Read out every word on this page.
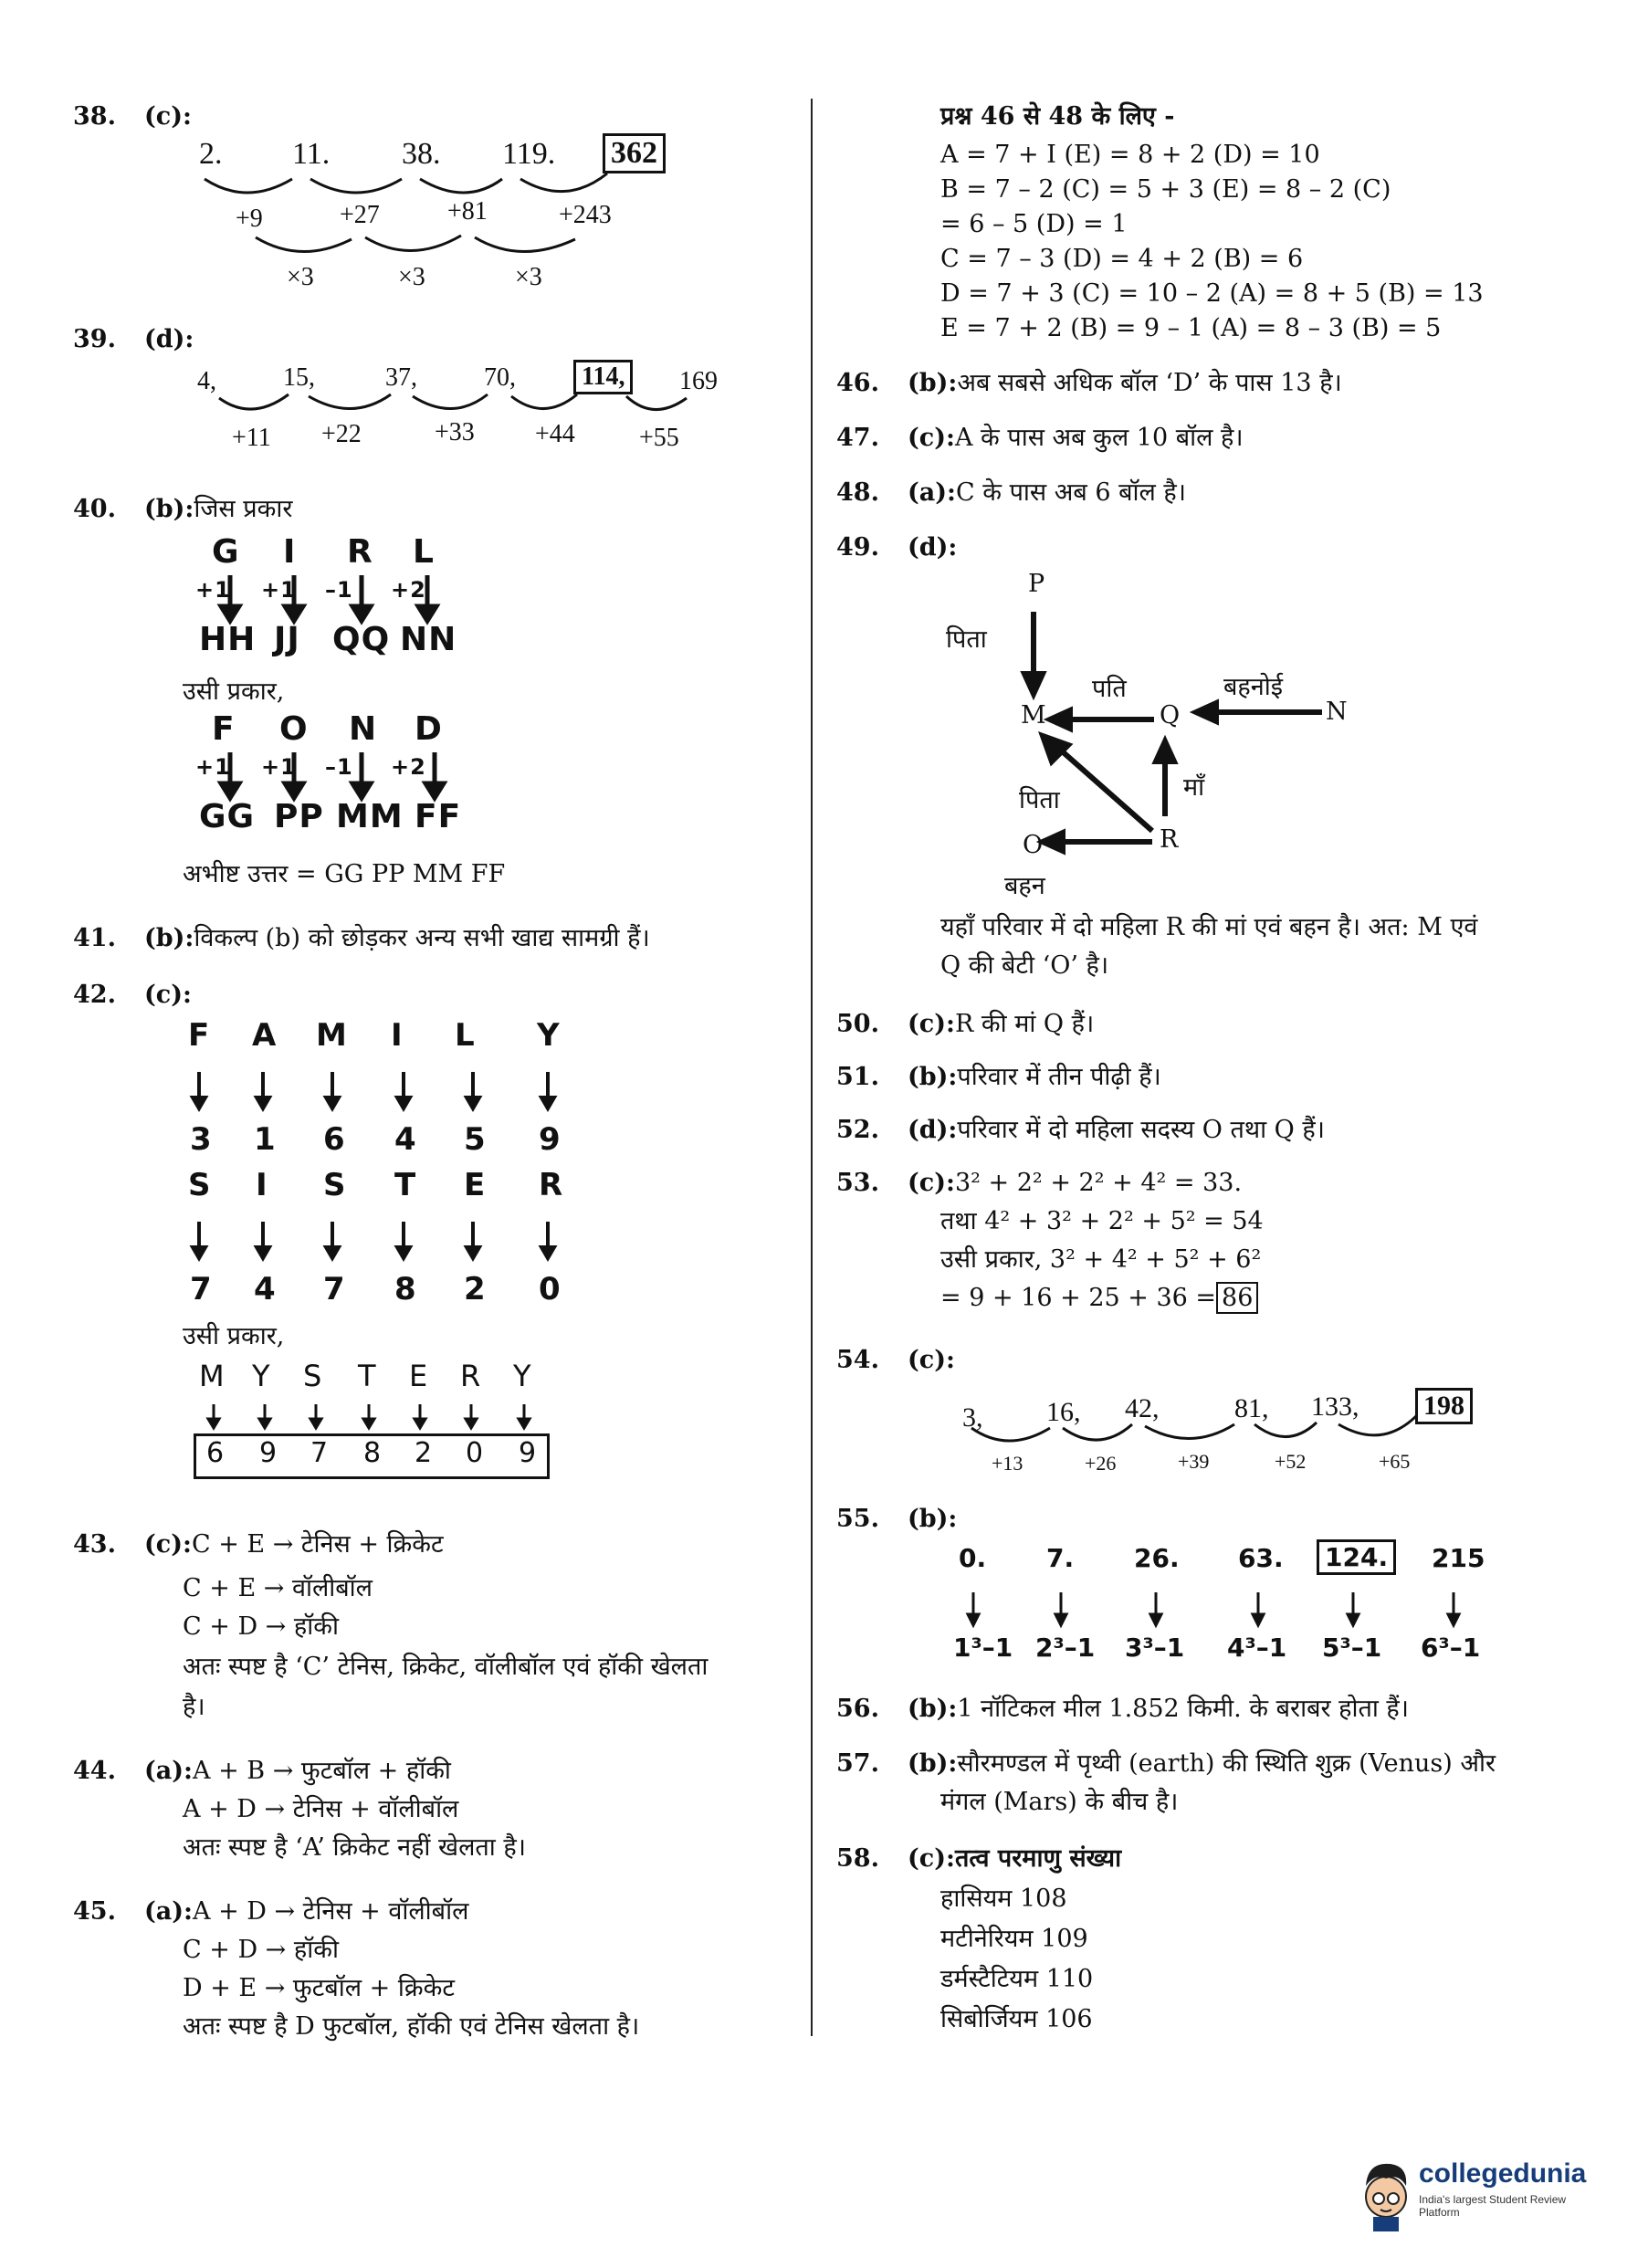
38. (c):
2. 11. 38. 119. 362
+9	+27	+81	+243
×3	×3	×3
39. (d):
4,	15,	37,	70,	114,	169
+11 +22	+33 +44	+55
40. (b):जिस प्रकार
G I R L
+1 +1 –1 +2
HH JJ QQ NN
उसी प्रकार,
F O N D
+1 +1 –1 +2
GG PP MM FF
अभीष्ट उत्तर = GG PP MM FF
41. (b):विकल्प (b) को छोड़कर अन्य सभी खाद्य सामग्री हैं।
42. (c):
F A M I L Y
3 1 6 4 5 9
S I S T E R
7 4 7 8 2 0
उसी प्रकार,
M Y S T E R Y
6 9 7 8 2 0 9
43. (c):C + E → टेनिस + क्रिकेट
C + E → वॉलीबॉल
C + D → हॉकी
अतः स्पष्ट है ‘C’ टेनिस, क्रिकेट, वॉलीबॉल एवं हॉकी खेलता
है।
44. (a):A + B → फुटबॉल + हॉकी
A + D → टेनिस + वॉलीबॉल
अतः स्पष्ट है ‘A’ क्रिकेट नहीं खेलता है।
45. (a):A + D → टेनिस + वॉलीबॉल
C + D → हॉकी
D + E → फुटबॉल + क्रिकेट
अतः स्पष्ट है D फुटबॉल, हॉकी एवं टेनिस खेलता है।
प्रश्न 46 से 48 के लिए -
A = 7 + I (E) = 8 + 2 (D) = 10
B = 7 – 2 (C) = 5 + 3 (E) = 8 – 2 (C)
= 6 – 5 (D) = 1
C = 7 – 3 (D) = 4 + 2 (B) = 6
D = 7 + 3 (C) = 10 – 2 (A) = 8 + 5 (B) = 13
E = 7 + 2 (B) = 9 – 1 (A) = 8 – 3 (B) = 5
46. (b):अब सबसे अधिक बॉल ‘D’ के पास 13 है।
47. (c):A के पास अब कुल 10 बॉल है।
48. (a):C के पास अब 6 बॉल है।
49. (d):
P
पिता
M
पति
Q
बहनोई
N
पिता	माँ
O	R
बहन
यहाँ परिवार में दो महिला R की मां एवं बहन है। अत: M एवं
Q की बेटी ‘O’ है।
50. (c):R की मां Q हैं।
51. (b):परिवार में तीन पीढ़ी हैं।
52. (d):परिवार में दो महिला सदस्य O तथा Q हैं।
53. (c):3² + 2² + 2² + 4² = 33.
तथा 4² + 3² + 2² + 5² = 54
उसी प्रकार, 3² + 4² + 5² + 6²
= 9 + 16 + 25 + 36 = 86
54. (c):
3, 16, 42,	81, 133,	198
+13	+26	+39	+52	+65
55. (b):
0. 7. 26. 63.	124.	215
1³–1 2³–1 3³–1 4³–1 5³–1 6³–1
56. (b):1 नॉटिकल मील 1.852 किमी. के बराबर होता हैं।
57. (b):सौरमण्डल में पृथ्वी (earth) की स्थिति शुक्र (Venus) और
मंगल (Mars) के बीच है।
58. (c):तत्व परमाणु संख्या
हासियम 108
मटीनेरियम 109
डर्मस्टैटियम 110
सिबोर्जियम 106
collegedunia
India's largest Student Review Platform
